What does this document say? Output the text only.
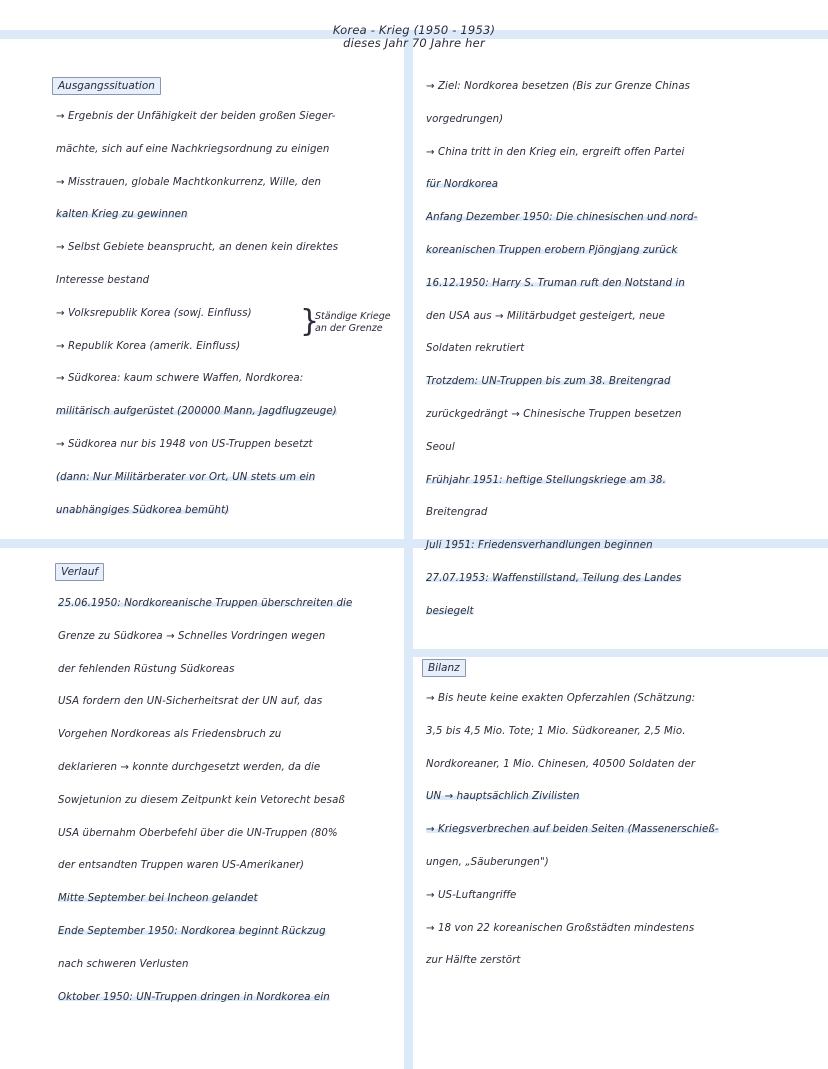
Korea - Krieg (1950 - 1953)
dieses Jahr 70 Jahre her
Ausgangssituation
→ Ergebnis der Unfähigkeit der beiden großen Sieger-
mächte, sich auf eine Nachkriegsordnung zu einigen
→ Misstrauen, globale Machtkonkurrenz, Wille, den
kalten Krieg zu gewinnen
→ Selbst Gebiete beansprucht, an denen kein direktes
Interesse bestand
→ Volksrepublik Korea (sowj. Einfluss)
→ Republik Korea (amerik. Einfluss)
→ Südkorea: kaum schwere Waffen, Nordkorea:
militärisch aufgerüstet (200000 Mann, Jagdflugzeuge)
→ Südkorea nur bis 1948 von US-Truppen besetzt
(dann: Nur Militärberater vor Ort, UN stets um ein
unabhängiges Südkorea bemüht)
}
Ständige Kriege
an der Grenze
Verlauf
25.06.1950: Nordkoreanische Truppen überschreiten die
Grenze zu Südkorea → Schnelles Vordringen wegen
der fehlenden Rüstung Südkoreas
USA fordern den UN-Sicherheitsrat der UN auf, das
Vorgehen Nordkoreas als Friedensbruch zu
deklarieren → konnte durchgesetzt werden, da die
Sowjetunion zu diesem Zeitpunkt kein Vetorecht besaß
USA übernahm Oberbefehl über die UN-Truppen (80%
der entsandten Truppen waren US-Amerikaner)
Mitte September bei Incheon gelandet
Ende September 1950: Nordkorea beginnt Rückzug
nach schweren Verlusten
Oktober 1950: UN-Truppen dringen in Nordkorea ein
→ Ziel: Nordkorea besetzen (Bis zur Grenze Chinas
vorgedrungen)
→ China tritt in den Krieg ein, ergreift offen Partei
für Nordkorea
Anfang Dezember 1950: Die chinesischen und nord-
koreanischen Truppen erobern Pjöngjang zurück
16.12.1950: Harry S. Truman ruft den Notstand in
den USA aus → Militärbudget gesteigert, neue
Soldaten rekrutiert
Trotzdem: UN-Truppen bis zum 38. Breitengrad
zurückgedrängt → Chinesische Truppen besetzen
Seoul
Frühjahr 1951: heftige Stellungskriege am 38.
Breitengrad
Juli 1951: Friedensverhandlungen beginnen
27.07.1953: Waffenstillstand, Teilung des Landes
besiegelt
Bilanz
→ Bis heute keine exakten Opferzahlen (Schätzung:
3,5 bis 4,5 Mio. Tote; 1 Mio. Südkoreaner, 2,5 Mio.
Nordkoreaner, 1 Mio. Chinesen, 40500 Soldaten der
UN → hauptsächlich Zivilisten
→ Kriegsverbrechen auf beiden Seiten (Massenerschieß-
ungen, „Säuberungen")
→ US-Luftangriffe
→ 18 von 22 koreanischen Großstädten mindestens
zur Hälfte zerstört
